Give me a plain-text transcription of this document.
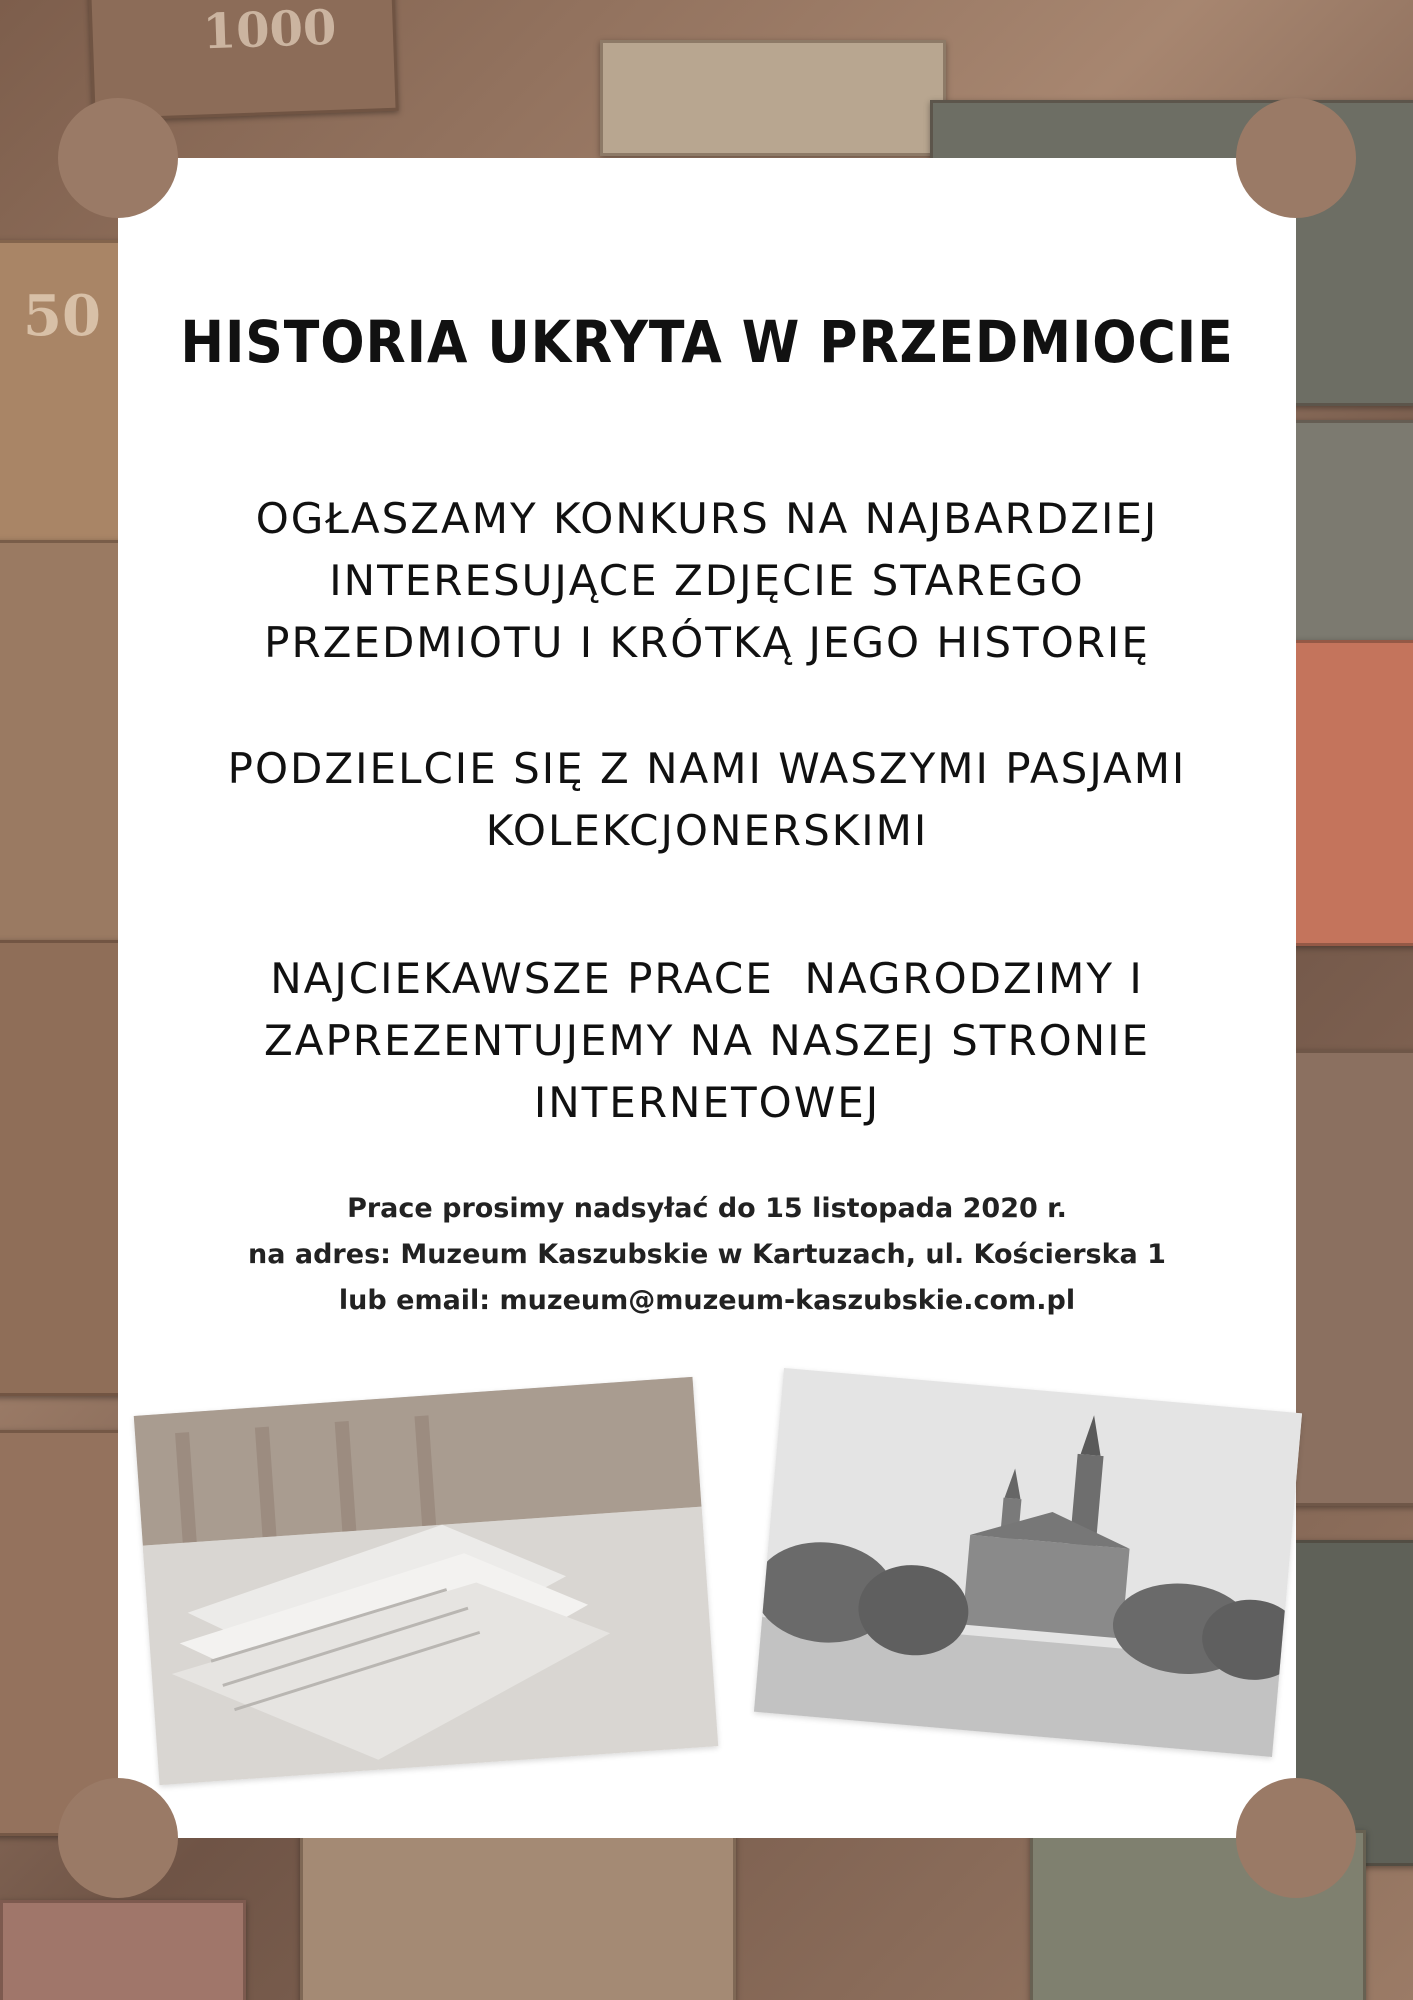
1000
50 HISTORIA UKRYTA W PRZEDMIOCIE
OGŁASZAMY KONKURS NA NAJBARDZIEJ
INTERESUJĄCE ZDJĘCIE STAREGO
PRZEDMIOTU I KRÓTKĄ JEGO HISTORIĘ
PODZIELCIE SIĘ Z NAMI WASZYMI PASJAMI
KOLEKCJONERSKIMI
NAJCIEKAWSZE PRACE  NAGRODZIMY I
ZAPREZENTUJEMY NA NASZEJ STRONIE
INTERNETOWEJ
Prace prosimy nadsyłać do 15 listopada 2020 r.
na adres: Muzeum Kaszubskie w Kartuzach, ul. Kościerska 1
lub email: muzeum@muzeum-kaszubskie.com.pl
